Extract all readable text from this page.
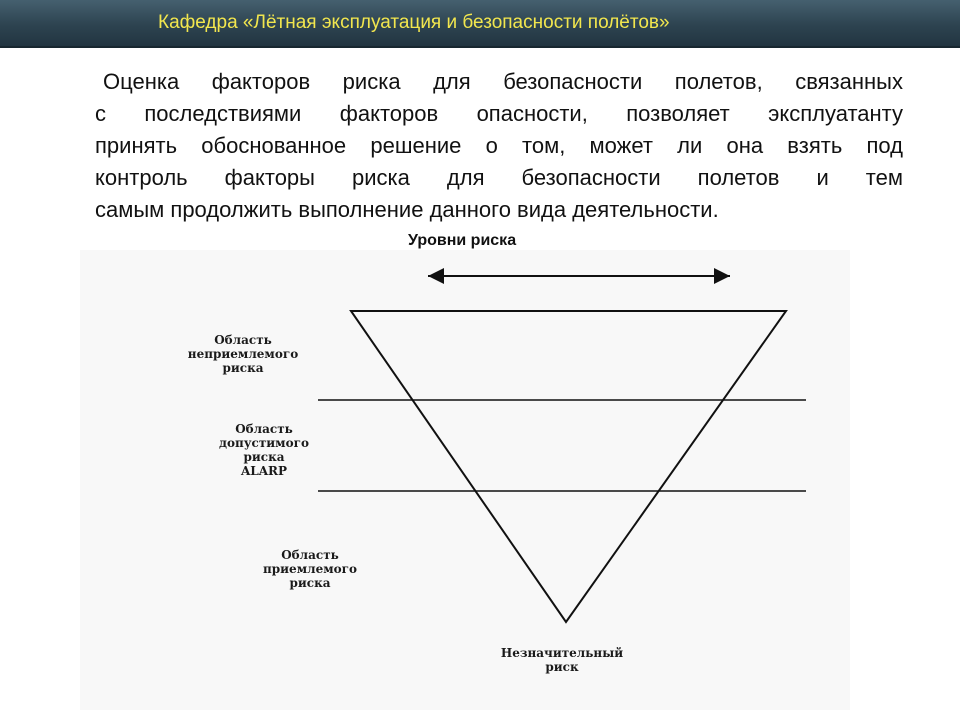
Кафедра «Лётная эксплуатация и безопасности полётов»
Оценка факторов риска для безопасности полетов, связанных
с последствиями факторов опасности, позволяет эксплуатанту
принять обоснованное решение о том, может ли она взять под
контроль факторы риска для безопасности полетов и тем
самым продолжить выполнение данного вида деятельности.
Уровни риска
Область
неприемлемого
риска
Область
допустимого
риска
ALARP
Область
приемлемого
риска
Незначительный
риск
